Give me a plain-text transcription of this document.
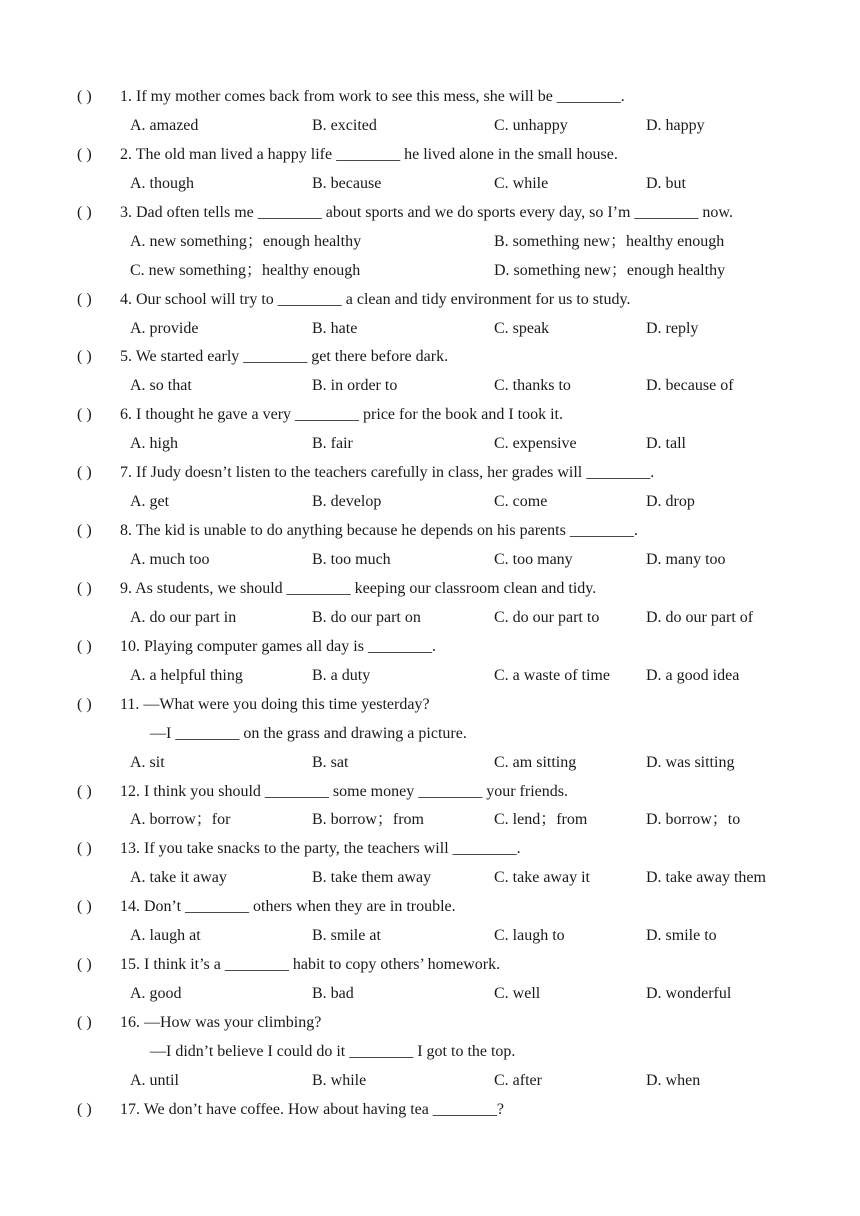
( ) 1. If my mother comes back from work to see this mess, she will be ________.
A. amazed	B. excited	C. unhappy	D. happy
( ) 2. The old man lived a happy life ________ he lived alone in the small house.
A. though	B. because	C. while	D. but
( ) 3. Dad often tells me ________ about sports and we do sports every day, so I’m ________ now.
A. new something；enough healthy	B. something new；healthy enough
C. new something；healthy enough	D. something new；enough healthy
( ) 4. Our school will try to ________ a clean and tidy environment for us to study.
A. provide	B. hate	C. speak	D. reply
( ) 5. We started early ________ get there before dark.
A. so that	B. in order to	C. thanks to	D. because of
( ) 6. I thought he gave a very ________ price for the book and I took it.
A. high	B. fair	C. expensive	D. tall
( ) 7. If Judy doesn’t listen to the teachers carefully in class, her grades will ________.
A. get	B. develop	C. come	D. drop
( ) 8. The kid is unable to do anything because he depends on his parents ________.
A. much too	B. too much	C. too many	D. many too
( ) 9. As students, we should ________ keeping our classroom clean and tidy.
A. do our part in	B. do our part on	C. do our part to	D. do our part of
( ) 10. Playing computer games all day is ________.
A. a helpful thing	B. a duty	C. a waste of time D. a good idea
( ) 11. —What were you doing this time yesterday?
—I ________ on the grass and drawing a picture.
A. sit	B. sat	C. am sitting	D. was sitting
( ) 12. I think you should ________ some money ________ your friends.
A. borrow；for	B. borrow；from	C. lend；from	D. borrow；to
( ) 13. If you take snacks to the party, the teachers will ________.
A. take it away	B. take them away	C. take away it	D. take away them
( ) 14. Don’t ________ others when they are in trouble.
A. laugh at	B. smile at	C. laugh to	D. smile to
( ) 15. I think it’s a ________ habit to copy others’ homework.
A. good	B. bad	C. well	D. wonderful
( ) 16. —How was your climbing?
—I didn’t believe I could do it ________ I got to the top.
A. until	B. while	C. after	D. when
( ) 17. We don’t have coffee. How about having tea ________?
